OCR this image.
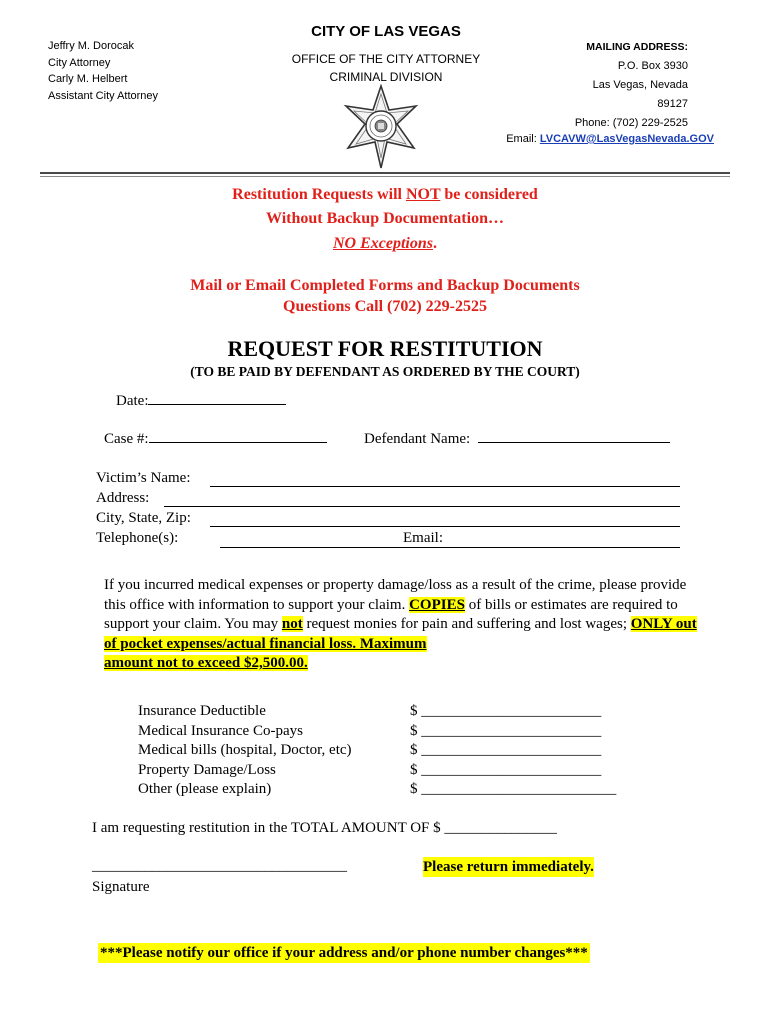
Jeffry M. Dorocak
City Attorney
Carly M. Helbert
Assistant City Attorney
CITY OF LAS VEGAS
OFFICE OF THE CITY ATTORNEY
CRIMINAL DIVISION
MAILING ADDRESS:
P.O. Box 3930
Las Vegas, Nevada
89127
Phone: (702) 229-2525
Email: LVCAVW@LasVegasNevada.GOV
Restitution Requests will NOT be considered
Without Backup Documentation…
NO Exceptions.
Mail or Email Completed Forms and Backup Documents
Questions Call (702) 229-2525
REQUEST FOR RESTITUTION
(TO BE PAID BY DEFENDANT AS ORDERED BY THE COURT)
Date:
Case #:	Defendant Name:
Victim’s Name:
Address:
City, State, Zip:
Telephone(s):	Email:
If you incurred medical expenses or property damage/loss as a result of the crime, please provide this office with information to support your claim. COPIES of bills or estimates are required to support your claim. You may not request monies for pain and suffering and lost wages; ONLY out of pocket expenses/actual financial loss. Maximum
amount not to exceed $2,500.00.
Insurance Deductible
Medical Insurance Co-pays
Medical bills (hospital, Doctor, etc)
Property Damage/Loss
Other (please explain)
$ ________________________
$ ________________________
$ ________________________
$ ________________________
$ __________________________
I am requesting restitution in the TOTAL AMOUNT OF $ _______________
__________________________________
Signature
Please return immediately.
***Please notify our office if your address and/or phone number changes***
